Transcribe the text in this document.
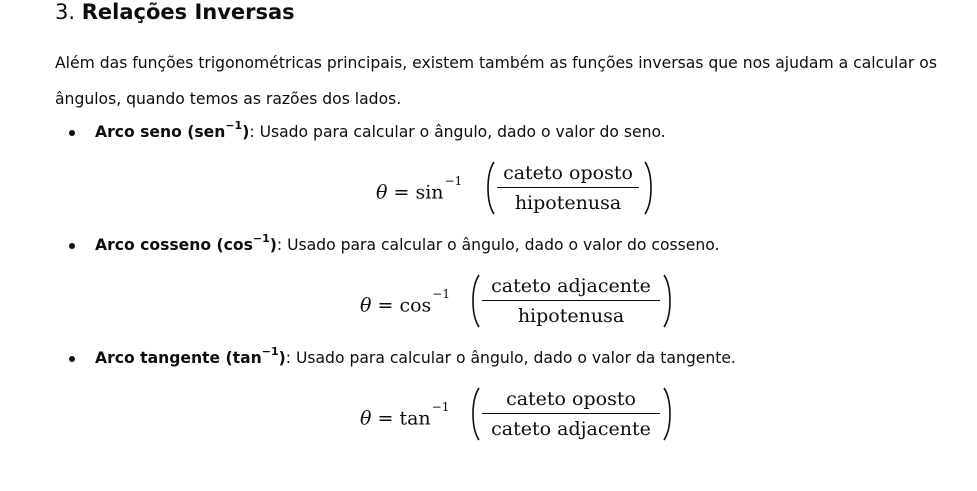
3. Relações Inversas

Além das funções trigonométricas principais, existem também as funções inversas que nos ajudam a calcular os ângulos, quando temos as razões dos lados.

Arco seno (sen$^{-1}$): Usado para calcular o ângulo, dado o valor do seno.
$\theta = \sin^{-1}$	cateto oposto
hipotenusa
Arco cosseno $(\cos^{-1})$: Usado para calcular o ângulo, dado o valor do cosseno.
$\theta = \cos^{-1}$	cateto adjacente
hipotenusa
Arco tangente $(\tan^{-1})$: Usado para calcular o ângulo, dado o valor da tangente.
$\theta = \tan^{-1}$	cateto oposto
cateto adjacente
